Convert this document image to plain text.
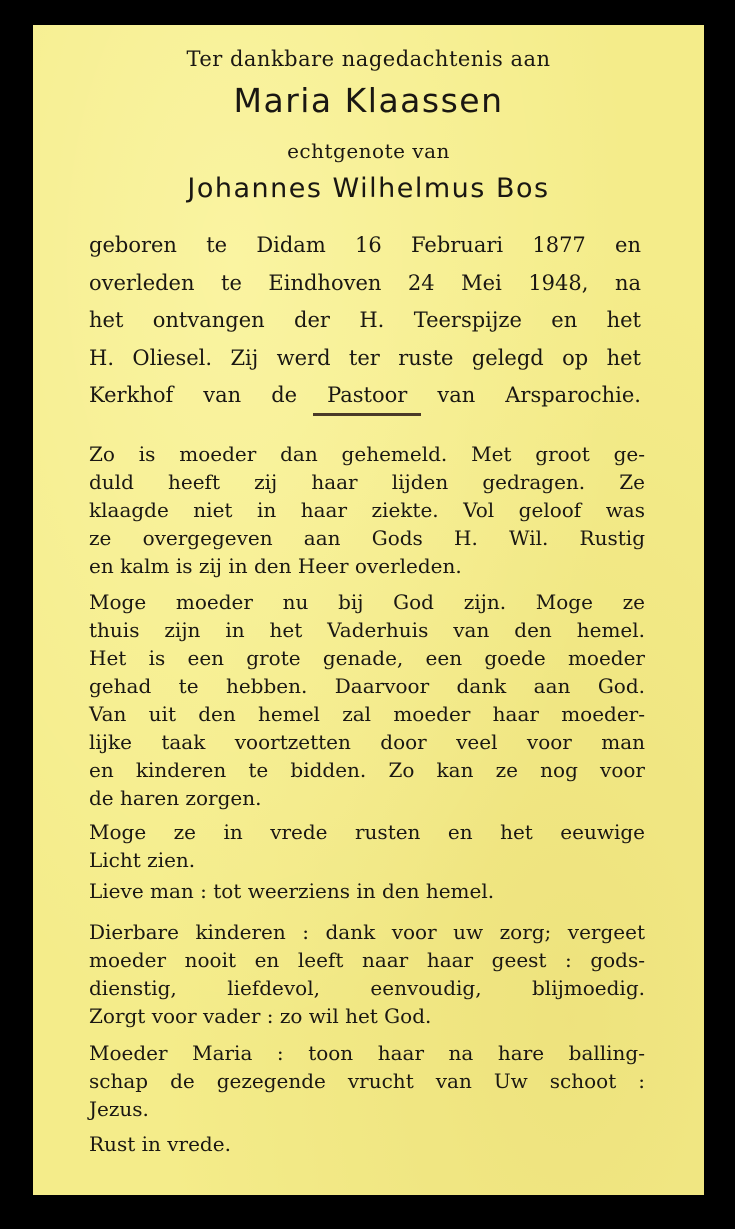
Ter dankbare nagedachtenis aan
Maria Klaassen
echtgenote van
Johannes Wilhelmus Bos
geboren te Didam 16 Februari 1877 en
overleden te Eindhoven 24 Mei 1948, na
het ontvangen der H. Teerspijze en het
H. Oliesel. Zij werd ter ruste gelegd op het
Kerkhof van de Pastoor van Arsparochie.
Zo is moeder dan gehemeld. Met groot ge-
duld heeft zij haar lijden gedragen. Ze
klaagde niet in haar ziekte. Vol geloof was
ze overgegeven aan Gods H. Wil. Rustig
en kalm is zij in den Heer overleden.
Moge moeder nu bij God zijn. Moge ze
thuis zijn in het Vaderhuis van den hemel.
Het is een grote genade, een goede moeder
gehad te hebben. Daarvoor dank aan God.
Van uit den hemel zal moeder haar moeder-
lijke taak voortzetten door veel voor man
en kinderen te bidden. Zo kan ze nog voor
de haren zorgen.
Moge ze in vrede rusten en het eeuwige
Licht zien.
Lieve man : tot weerziens in den hemel.
Dierbare kinderen : dank voor uw zorg; vergeet
moeder nooit en leeft naar haar geest : gods-
dienstig, liefdevol, eenvoudig, blijmoedig.
Zorgt voor vader : zo wil het God.
Moeder Maria : toon haar na hare balling-
schap de gezegende vrucht van Uw schoot :
Jezus.
Rust in vrede.
